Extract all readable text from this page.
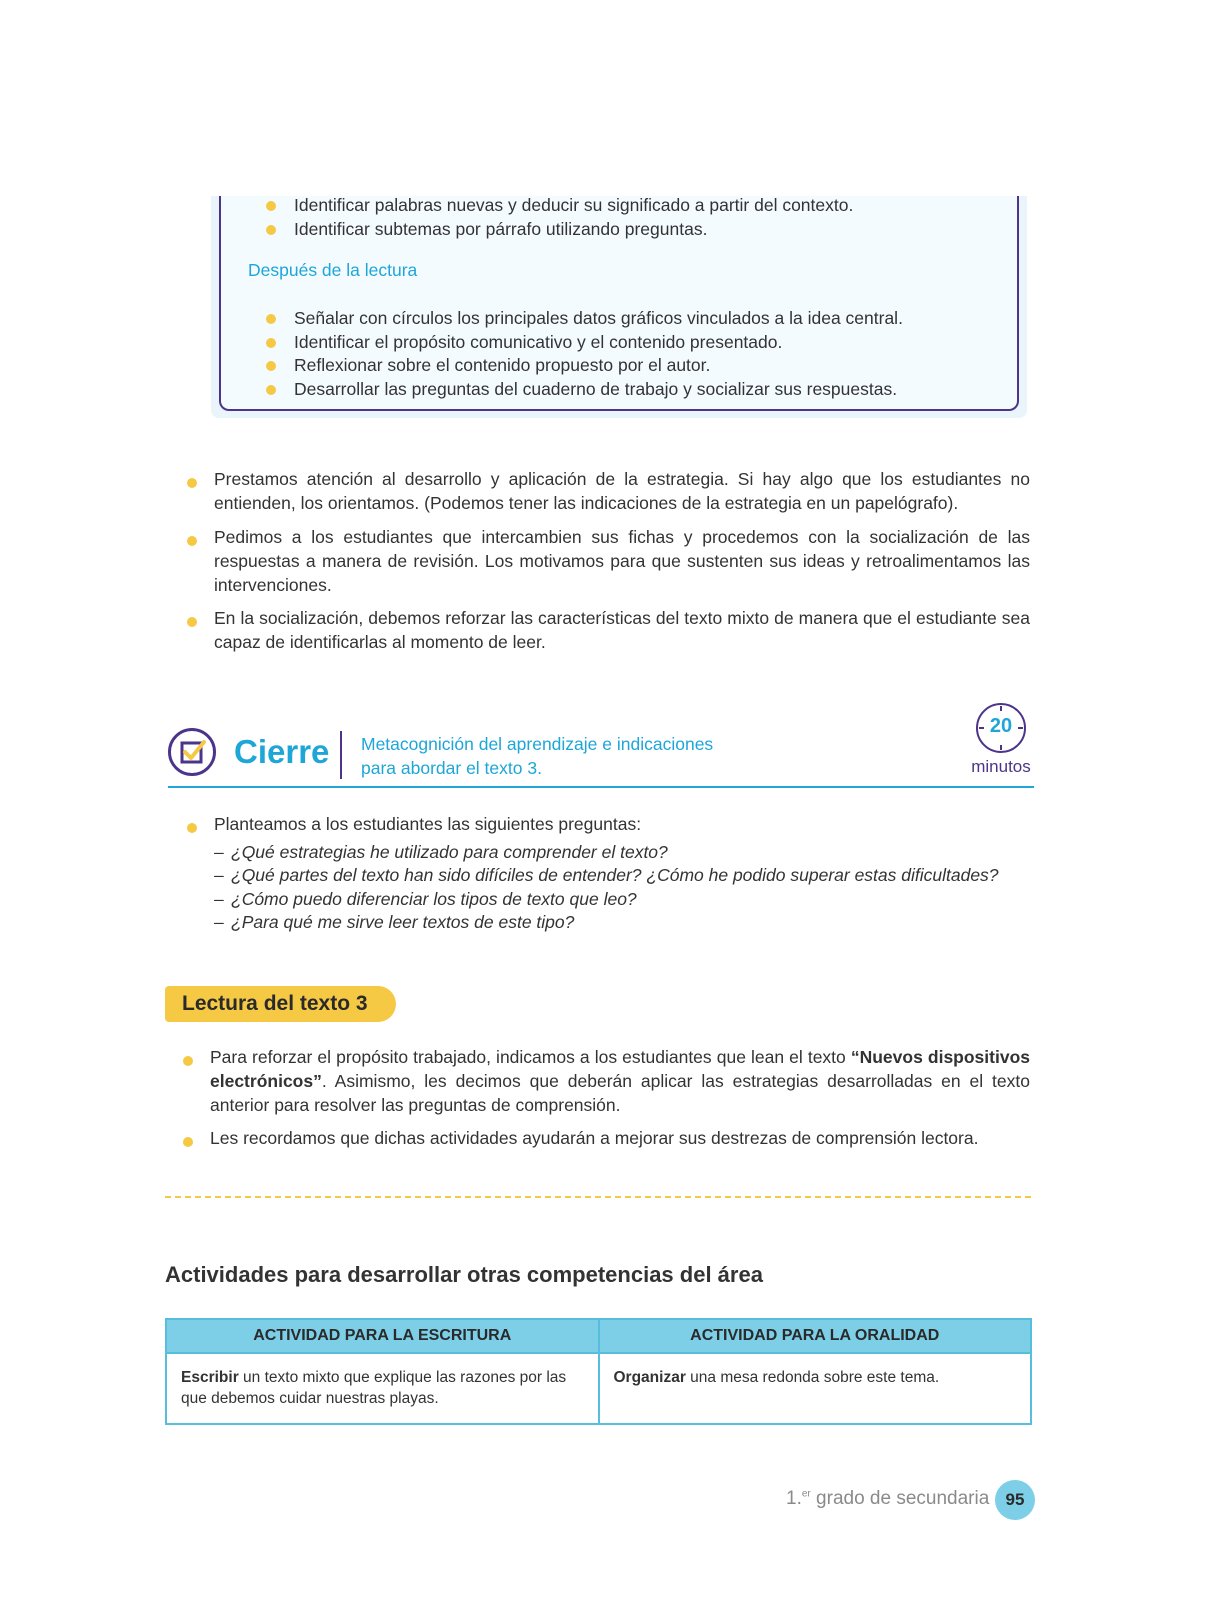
Identificar palabras nuevas y deducir su significado a partir del contexto.
Identificar subtemas por párrafo utilizando preguntas.
Después de la lectura
Señalar con círculos los principales datos gráficos vinculados a la idea central.
Identificar el propósito comunicativo y el contenido presentado.
Reflexionar sobre el contenido propuesto por el autor.
Desarrollar las preguntas del cuaderno de trabajo y socializar sus respuestas.
Prestamos atención al desarrollo y aplicación de la estrategia. Si hay algo que los estudiantes no entienden, los orientamos. (Podemos tener las indicaciones de la estrategia en un papelógrafo).
Pedimos a los estudiantes que intercambien sus fichas y procedemos con la socialización de las respuestas a manera de revisión. Los motivamos para que sustenten sus ideas y retroalimentamos las intervenciones.
En la socialización, debemos reforzar las características del texto mixto de manera que el estudiante sea capaz de identificarlas al momento de leer.
Cierre Metacognición del aprendizaje e indicaciones
para abordar el texto 3.
20
minutos
Planteamos a los estudiantes las siguientes preguntas:
– ¿Qué estrategias he utilizado para comprender el texto?
– ¿Qué partes del texto han sido difíciles de entender? ¿Cómo he podido superar estas dificultades?
– ¿Cómo puedo diferenciar los tipos de texto que leo?
– ¿Para qué me sirve leer textos de este tipo?
Lectura del texto 3
Para reforzar el propósito trabajado, indicamos a los estudiantes que lean el texto “Nuevos dispositivos electrónicos”. Asimismo, les decimos que deberán aplicar las estrategias desarrolladas en el texto anterior para resolver las preguntas de comprensión.
Les recordamos que dichas actividades ayudarán a mejorar sus destrezas de comprensión lectora.
Actividades para desarrollar otras competencias del área
ACTIVIDAD PARA LA ESCRITURA	ACTIVIDAD PARA LA ORALIDAD
Escribir un texto mixto que explique las razones por las que debemos cuidar nuestras playas.	Organizar una mesa redonda sobre este tema.
1.$^{er}$ grado de secundaria 95
